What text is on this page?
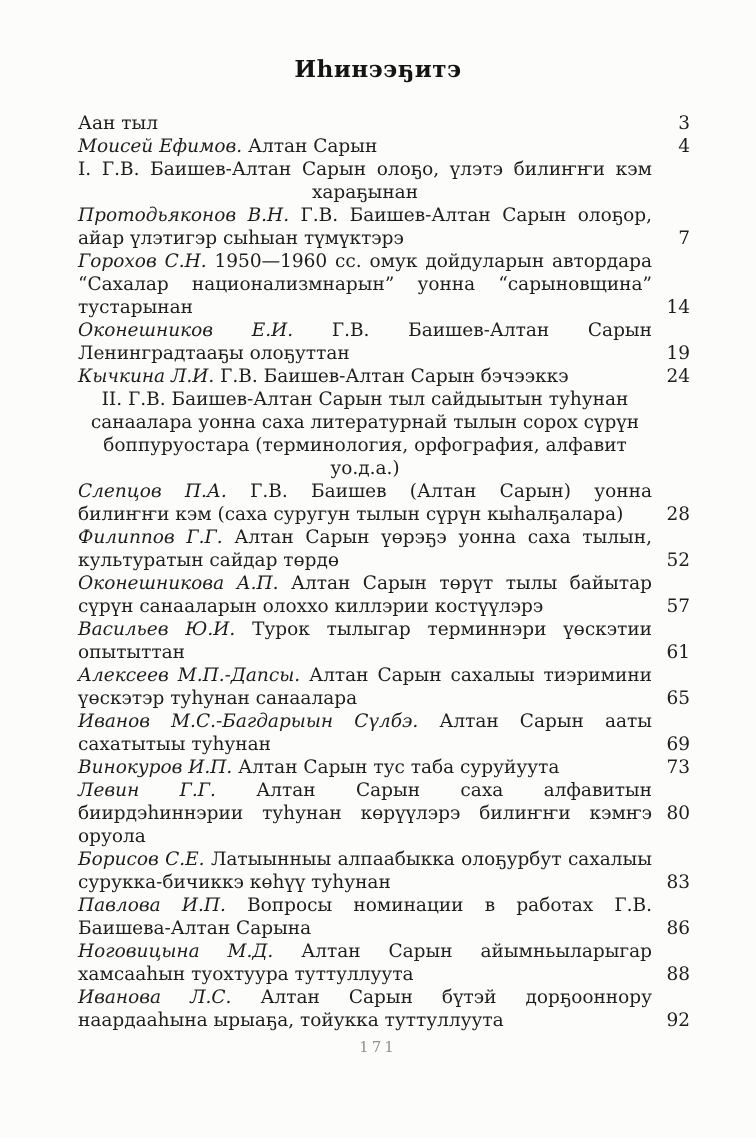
Иһинээҕитэ
Аан тыл	3
Моисей Ефимов. Алтан Сарын	4
I. Г.В. Баишев-Алтан Сарын олоҕо, үлэтэ билиҥҥи кэм
хараҕынан
Протодьяконов В.Н. Г.В. Баишев-Алтан Сарын олоҕор,
айар үлэтигэр сыһыан түмүктэрэ	7
Горохов С.Н. 1950—1960 сс. омук дойдуларын автордара
“Сахалар национализмнарын” уонна “сарыновщина”
тустарынан	14
Оконешников Е.И. Г.В. Баишев-Алтан Сарын
Ленинградтааҕы олоҕуттан	19
Кычкина Л.И. Г.В. Баишев-Алтан Сарын бэчээккэ	24
II. Г.В. Баишев-Алтан Сарын тыл сайдыытын туһунан
санаалара уонна саха литературнай тылын сорох сүрүн
боппуруостара (терминология, орфография, алфавит
уо.д.а.)
Слепцов П.А. Г.В. Баишев (Алтан Сарын) уонна
билиҥҥи кэм (саха суругун тылын сүрүн кыһалҕалара)	28
Филиппов Г.Г. Алтан Сарын үөрэҕэ уонна саха тылын,
культуратын сайдар төрдө	52
Оконешникова А.П. Алтан Сарын төрүт тылы байытар
сүрүн санааларын олоххо киллэрии костүүлэрэ	57
Васильев Ю.И. Турок тылыгар терминнэри үөскэтии
опытыттан	61
Алексеев М.П.-Дапсы. Алтан Сарын сахалыы тиэримини
үөскэтэр туһунан санаалара	65
Иванов М.С.-Багдарыын Сүлбэ. Алтан Сарын ааты
сахатытыы туһунан	69
Винокуров И.П. Алтан Сарын тус таба суруйуута	73
Левин Г.Г. Алтан Сарын саха алфавитын
биирдэһиннэрии туһунан көрүүлэрэ билиҥҥи кэмҥэ 80
оруола
Борисов С.Е. Латыынныы алпаабыкка олоҕурбут сахалыы
сурукка-бичиккэ көһүү туһунан	83
Павлова И.П. Вопросы номинации в работах Г.В.
Баишева-Алтан Сарына	86
Ноговицына М.Д. Алтан Сарын айымньыларыгар
хамсааһын туохтуура туттуллуута	88
Иванова Л.С. Алтан Сарын бүтэй дорҕооннору
наардааһына ырыаҕа, тойукка туттуллуута	92
171
